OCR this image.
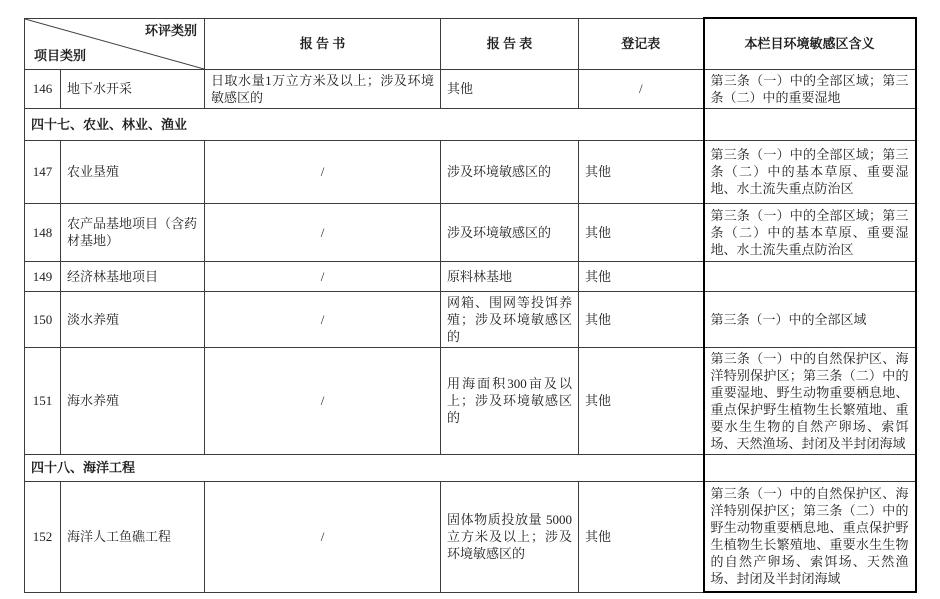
环评类别
项目类别		报 告 书	报 告 表	登记表	本栏目环境敏感区含义
146	地下水开采	日取水量1万立方米及以上；涉及环境敏感区的	其他	/	第三条（一）中的全部区域；第三条（二）中的重要湿地
四十七、农业、林业、渔业					
147	农业垦殖	/	涉及环境敏感区的	其他	第三条（一）中的全部区域；第三条（二）中的基本草原、重要湿地、水土流失重点防治区
148	农产品基地项目（含药材基地）	/	涉及环境敏感区的	其他	第三条（一）中的全部区域；第三条（二）中的基本草原、重要湿地、水土流失重点防治区
149	经济林基地项目	/	原料林基地	其他	
150	淡水养殖	/	网箱、围网等投饵养殖；涉及环境敏感区的	其他	第三条（一）中的全部区域
151	海水养殖	/	用海面积300亩及以上；涉及环境敏感区的	其他	第三条（一）中的自然保护区、海洋特别保护区；第三条（二）中的重要湿地、野生动物重要栖息地、重点保护野生植物生长繁殖地、重要水生生物的自然产卵场、索饵场、天然渔场、封闭及半封闭海域
四十八、海洋工程					
152	海洋人工鱼礁工程	/	固体物质投放量 5000立方米及以上；涉及环境敏感区的	其他	第三条（一）中的自然保护区、海洋特别保护区；第三条（二）中的野生动物重要栖息地、重点保护野生植物生长繁殖地、重要水生生物的自然产卵场、索饵场、天然渔场、封闭及半封闭海域
